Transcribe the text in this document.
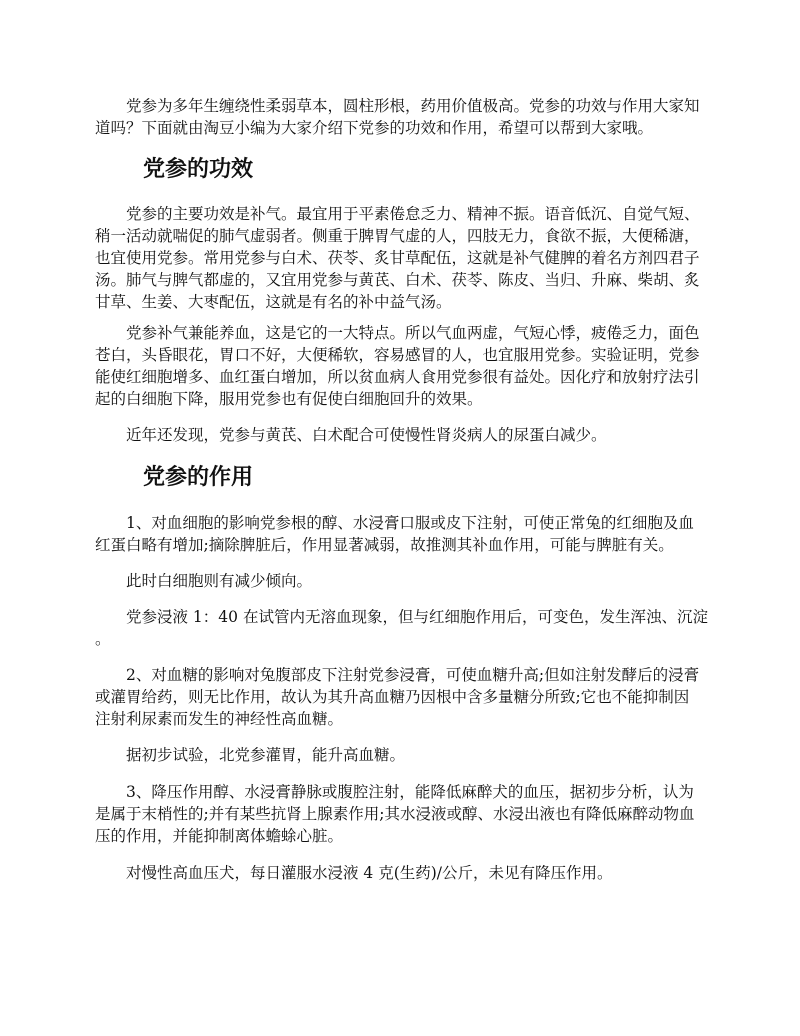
　　党参为多年生缠绕性柔弱草本，圆柱形根，药用价值极高。党参的功效与作用大家知
道吗？下面就由淘豆小编为大家介绍下党参的功效和作用，希望可以帮到大家哦。

党参的功效

　　党参的主要功效是补气。最宜用于平素倦怠乏力、精神不振。语音低沉、自觉气短、
稍一活动就喘促的肺气虚弱者。侧重于脾胃气虚的人，四肢无力，食欲不振，大便稀溏，
也宜使用党参。常用党参与白术、茯苓、炙甘草配伍，这就是补气健脾的着名方剂四君子
汤。肺气与脾气都虚的，又宜用党参与黄芪、白术、茯苓、陈皮、当归、升麻、柴胡、炙
甘草、生姜、大枣配伍，这就是有名的补中益气汤。

　　党参补气兼能养血，这是它的一大特点。所以气血两虚，气短心悸，疲倦乏力，面色
苍白，头昏眼花，胃口不好，大便稀软，容易感冒的人，也宜服用党参。实验证明，党参
能使红细胞增多、血红蛋白增加，所以贫血病人食用党参很有益处。因化疗和放射疗法引
起的白细胞下降，服用党参也有促使白细胞回升的效果。

　　近年还发现，党参与黄芪、白术配合可使慢性肾炎病人的尿蛋白减少。

党参的作用

　　1、对血细胞的影响党参根的醇、水浸膏口服或皮下注射，可使正常兔的红细胞及血
红蛋白略有增加;摘除脾脏后，作用显著减弱，故推测其补血作用，可能与脾脏有关。

　　此时白细胞则有减少倾向。

　　党参浸液 1：40 在试管内无溶血现象，但与红细胞作用后，可变色，发生浑浊、沉淀
。

　　2、对血糖的影响对兔腹部皮下注射党参浸膏，可使血糖升高;但如注射发酵后的浸膏
或灌胃给药，则无比作用，故认为其升高血糖乃因根中含多量糖分所致;它也不能抑制因
注射利尿素而发生的神经性高血糖。

　　据初步试验，北党参灌胃，能升高血糖。

　　3、降压作用醇、水浸膏静脉或腹腔注射，能降低麻醉犬的血压，据初步分析，认为
是属于末梢性的;并有某些抗肾上腺素作用;其水浸液或醇、水浸出液也有降低麻醉动物血
压的作用，并能抑制离体蟾蜍心脏。

　　对慢性高血压犬，每日灌服水浸液 4 克(生药)/公斤，未见有降压作用。
